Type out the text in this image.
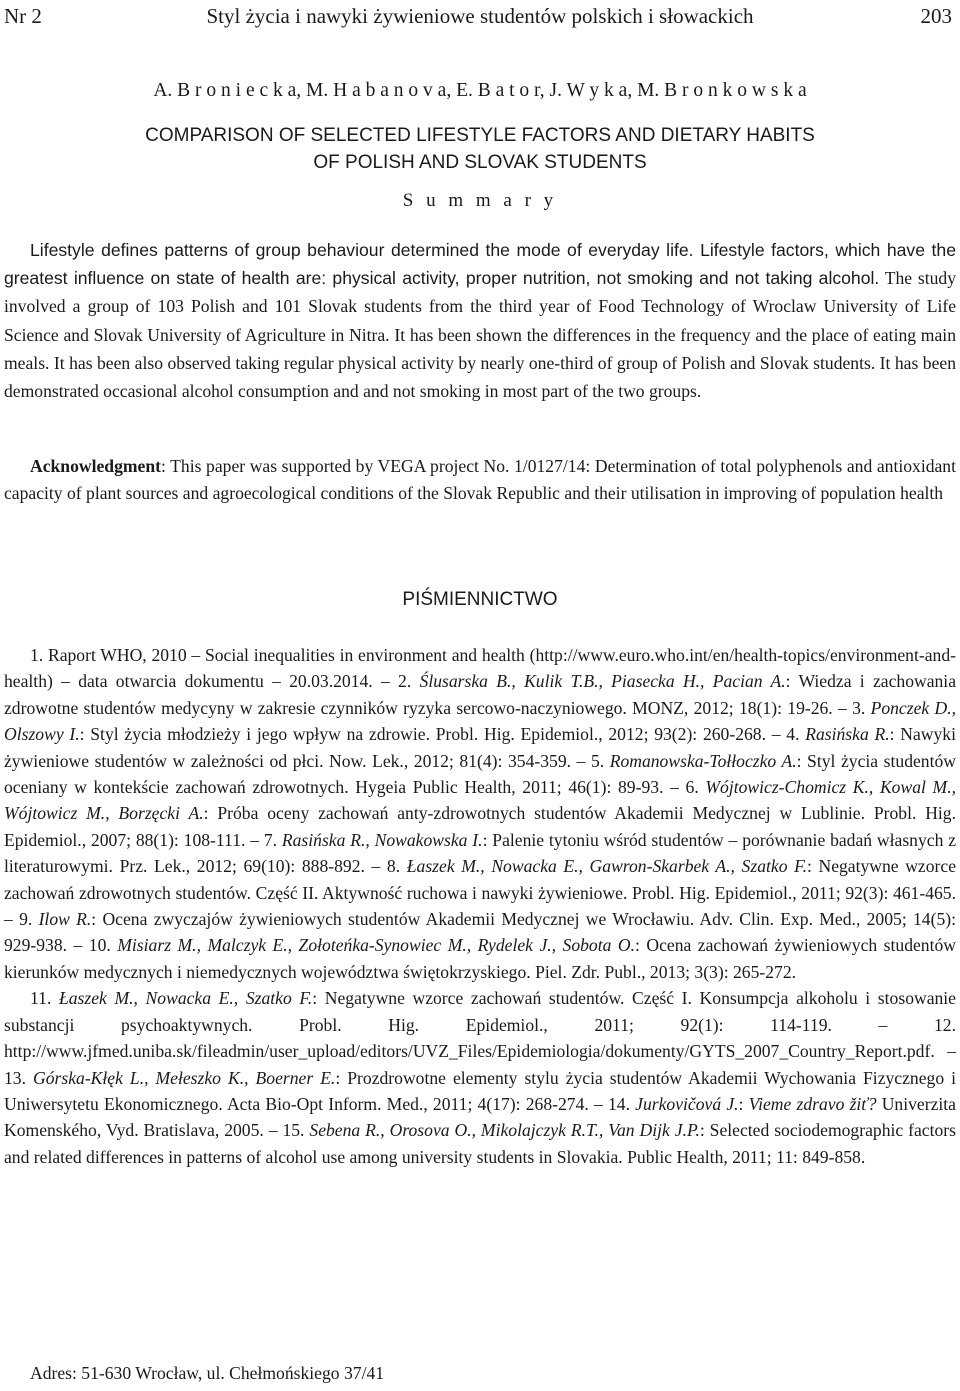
Nr 2	Styl życia i nawyki żywieniowe studentów polskich i słowackich	203
A. B r o n i e c k a, M. H a b a n o v a, E. B a t o r, J. W y k a, M. B r o n k o w s k a
COMPARISON OF SELECTED LIFESTYLE FACTORS AND DIETARY HABITS
OF POLISH AND SLOVAK STUDENTS
S u m m a r y

Lifestyle defines patterns of group behaviour determined the mode of everyday life. Lifestyle factors, which have the greatest influence on state of health are: physical activity, proper nutrition, not smoking and not taking alcohol. The study involved a group of 103 Polish and 101 Slovak students from the third year of Food Technology of Wroclaw University of Life Science and Slovak University of Agriculture in Nitra. It has been shown the differences in the frequency and the place of eating main meals. It has been also observed taking regular physical activity by nearly one-third of group of Polish and Slovak students. It has been demonstrated occasional alcohol consumption and and not smoking in most part of the two groups.

Acknowledgment: This paper was supported by VEGA project No. 1/0127/14: Determination of total polyphenols and antioxidant capacity of plant sources and agroecological conditions of the Slovak Republic and their utilisation in improving of population health

PIŚMIENNICTWO

1. Raport WHO, 2010 – Social inequalities in environment and health (http://www.euro.who.int/en/health-topics/environment-and-health) – data otwarcia dokumentu – 20.03.2014. – 2. Ślusarska B., Kulik T.B., Piasecka H., Pacian A.: Wiedza i zachowania zdrowotne studentów medycyny w zakresie czynników ryzyka sercowo-naczyniowego. MONZ, 2012; 18(1): 19-26. – 3. Ponczek D., Olszowy I.: Styl życia młodzieży i jego wpływ na zdrowie. Probl. Hig. Epidemiol., 2012; 93(2): 260-268. – 4. Rasińska R.: Nawyki żywieniowe studentów w zależności od płci. Now. Lek., 2012; 81(4): 354-359. – 5. Romanowska-Tołłoczko A.: Styl życia studentów oceniany w kontekście zachowań zdrowotnych. Hygeia Public Health, 2011; 46(1): 89-93. – 6. Wójtowicz-Chomicz K., Kowal M., Wójtowicz M., Borzęcki A.: Próba oceny zachowań anty-zdrowotnych studentów Akademii Medycznej w Lublinie. Probl. Hig. Epidemiol., 2007; 88(1): 108-111. – 7. Rasińska R., Nowakowska I.: Palenie tytoniu wśród studentów – porównanie badań własnych z literaturowymi. Prz. Lek., 2012; 69(10): 888-892. – 8. Łaszek M., Nowacka E., Gawron-Skarbek A., Szatko F.: Negatywne wzorce zachowań zdrowotnych studentów. Część II. Aktywność ruchowa i nawyki żywieniowe. Probl. Hig. Epidemiol., 2011; 92(3): 461-465. – 9. Ilow R.: Ocena zwyczajów żywieniowych studentów Akademii Medycznej we Wrocławiu. Adv. Clin. Exp. Med., 2005; 14(5): 929-938. – 10. Misiarz M., Malczyk E., Zołoteńka-Synowiec M., Rydelek J., Sobota O.: Ocena zachowań żywieniowych studentów kierunków medycznych i niemedycznych województwa świętokrzyskiego. Piel. Zdr. Publ., 2013; 3(3): 265-272.

11. Łaszek M., Nowacka E., Szatko F.: Negatywne wzorce zachowań studentów. Część I. Konsumpcja alkoholu i stosowanie substancji psychoaktywnych. Probl. Hig. Epidemiol., 2011; 92(1): 114-119. – 12. http://www.jfmed.uniba.sk/fileadmin/user_upload/editors/UVZ_Files/Epidemiologia/dokumenty/GYTS_2007_Country_Report.pdf. – 13. Górska-Kłęk L., Mełeszko K., Boerner E.: Prozdrowotne elementy stylu życia studentów Akademii Wychowania Fizycznego i Uniwersytetu Ekonomicznego. Acta Bio-Opt Inform. Med., 2011; 4(17): 268-274. – 14. Jurkovičová J.: Vieme zdravo žiť? Univerzita Komenského, Vyd. Bratislava, 2005. – 15. Sebena R., Orosova O., Mikolajczyk R.T., Van Dijk J.P.: Selected sociodemographic factors and related differences in patterns of alcohol use among university students in Slovakia. Public Health, 2011; 11: 849-858.

Adres: 51-630 Wrocław, ul. Chełmońskiego 37/41
